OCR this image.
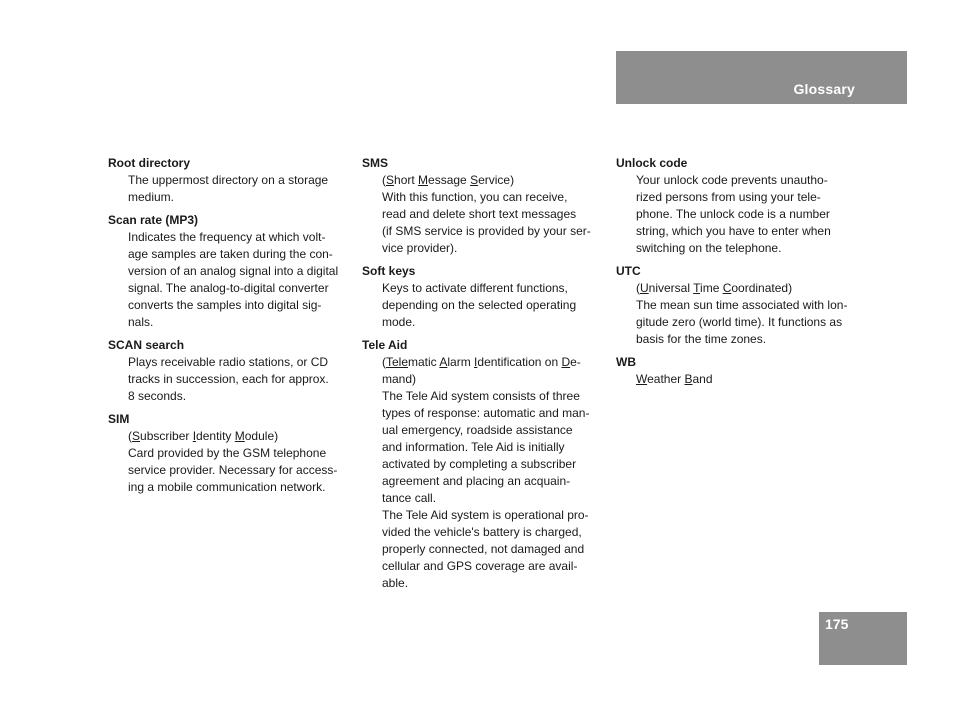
Glossary
Root directory
The uppermost directory on a storage
medium.
Scan rate (MP3)
Indicates the frequency at which volt-
age samples are taken during the con-
version of an analog signal into a digital
signal. The analog-to-digital converter
converts the samples into digital sig-
nals.
SCAN search
Plays receivable radio stations, or CD
tracks in succession, each for approx.
8 seconds.
SIM
(Subscriber Identity Module)
Card provided by the GSM telephone
service provider. Necessary for access-
ing a mobile communication network.
SMS
(Short Message Service)
With this function, you can receive,
read and delete short text messages
(if SMS service is provided by your ser-
vice provider).
Soft keys
Keys to activate different functions,
depending on the selected operating
mode.
Tele Aid
(Telematic Alarm Identification on De-
mand)
The Tele Aid system consists of three
types of response: automatic and man-
ual emergency, roadside assistance
and information. Tele Aid is initially
activated by completing a subscriber
agreement and placing an acquain-
tance call.
The Tele Aid system is operational pro-
vided the vehicle's battery is charged,
properly connected, not damaged and
cellular and GPS coverage are avail-
able.
Unlock code
Your unlock code prevents unautho-
rized persons from using your tele-
phone. The unlock code is a number
string, which you have to enter when
switching on the telephone.
UTC
(Universal Time Coordinated)
The mean sun time associated with lon-
gitude zero (world time). It functions as
basis for the time zones.
WB
Weather Band
175
